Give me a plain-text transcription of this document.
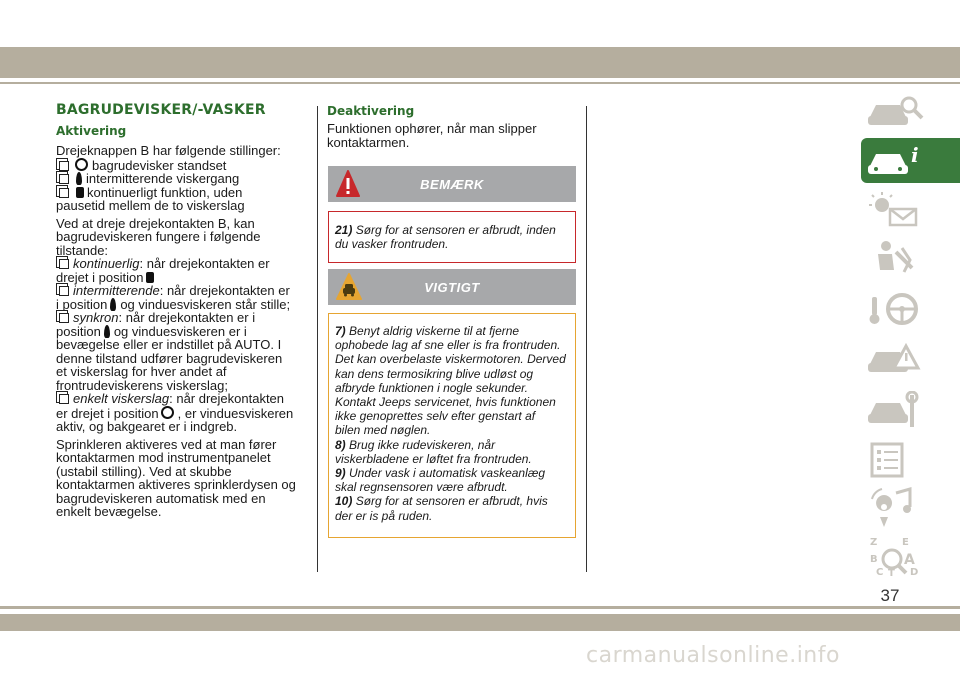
BAGRUDEVISKER/-VASKER
Aktivering

Drejeknappen B har følgende stillinger:

bagrudevisker standset
intermitterende viskergang
kontinuerligt funktion, uden

pausetid mellem de to viskerslag

Ved at dreje drejekontakten B, kan
bagrudeviskeren fungere i følgende
tilstande:
kontinuerlig: når drejekontakten er
drejet i position
intermitterende: når drejekontakten er
i position og vinduesviskeren står stille;
synkron: når drejekontakten er i
position og vinduesviskeren er i
bevægelse eller er indstillet på AUTO. I
denne tilstand udfører bagrudeviskeren
et viskerslag for hver andet af
frontrudeviskerens viskerslag;
enkelt viskerslag: når drejekontakten
er drejet i position , er vinduesviskeren

aktiv, og bakgearet er i indgreb.

Sprinkleren aktiveres ved at man fører
kontaktarmen mod instrumentpanelet
(ustabil stilling). Ved at skubbe
kontaktarmen aktiveres sprinklerdysen og
bagrudeviskeren automatisk med en
enkelt bevægelse.
Deaktivering
Funktionen ophører, når man slipper
kontaktarmen.
BEMÆRK
21) Sørg for at sensoren er afbrudt, inden
du vasker frontruden.
VIGTIGT
7) Benyt aldrig viskerne til at fjerne
ophobede lag af sne eller is fra frontruden.
Det kan overbelaste viskermotoren. Derved
kan dens termosikring blive udløst og
afbryde funktionen i nogle sekunder.
Kontakt Jeeps servicenet, hvis funktionen
ikke genoprettes selv efter genstart af
bilen med nøglen.
8) Brug ikke rudeviskeren, når
viskerbladene er løftet fra frontruden.
9) Under vask i automatisk vaskeanlæg
skal regnsensoren være afbrudt.
10) Sørg for at sensoren er afbrudt, hvis
der er is på ruden.
i
Z E
B A
C T D
37
carmanualsonline.info
